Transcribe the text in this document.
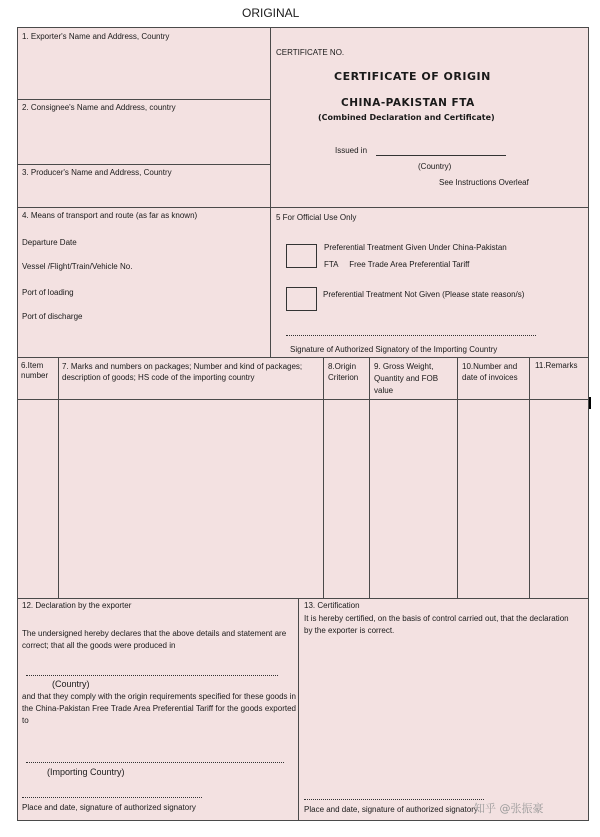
ORIGINAL
1. Exporter's Name and Address, Country
2. Consignee's Name and Address, country
3. Producer's Name and Address, Country
CERTIFICATE NO.
CERTIFICATE OF ORIGIN
CHINA-PAKISTAN FTA
(Combined Declaration and Certificate)
Issued in
(Country)
See Instructions Overleaf
4. Means of transport and route (as far as known)
Departure Date
Vessel /Flight/Train/Vehicle No.
Port of loading
Port of discharge
5 For Official Use Only
Preferential Treatment Given Under China-Pakistan
FTA     Free Trade Area Preferential Tariff
Preferential Treatment Not Given (Please state reason/s)
Signature of Authorized Signatory of the Importing Country
6.Item number
7. Marks and numbers on packages; Number and kind of packages; description of goods; HS code of the importing country
8.Origin Criterion
9. Gross Weight, Quantity and FOB value
10.Number and date of invoices
11.Remarks
12. Declaration by the exporter
The undersigned hereby declares that the above details and statement are correct; that all the goods were produced in
(Country)
and that they comply with the origin requirements specified for these goods in the China-Pakistan Free Trade Area Preferential Tariff for the goods exported to
(Importing Country)
Place and date, signature of authorized signatory
13. Certification
It is hereby certified, on the basis of control carried out, that the declaration by the exporter is correct.
Place and date, signature of authorized signatory
知乎 @张振豪
